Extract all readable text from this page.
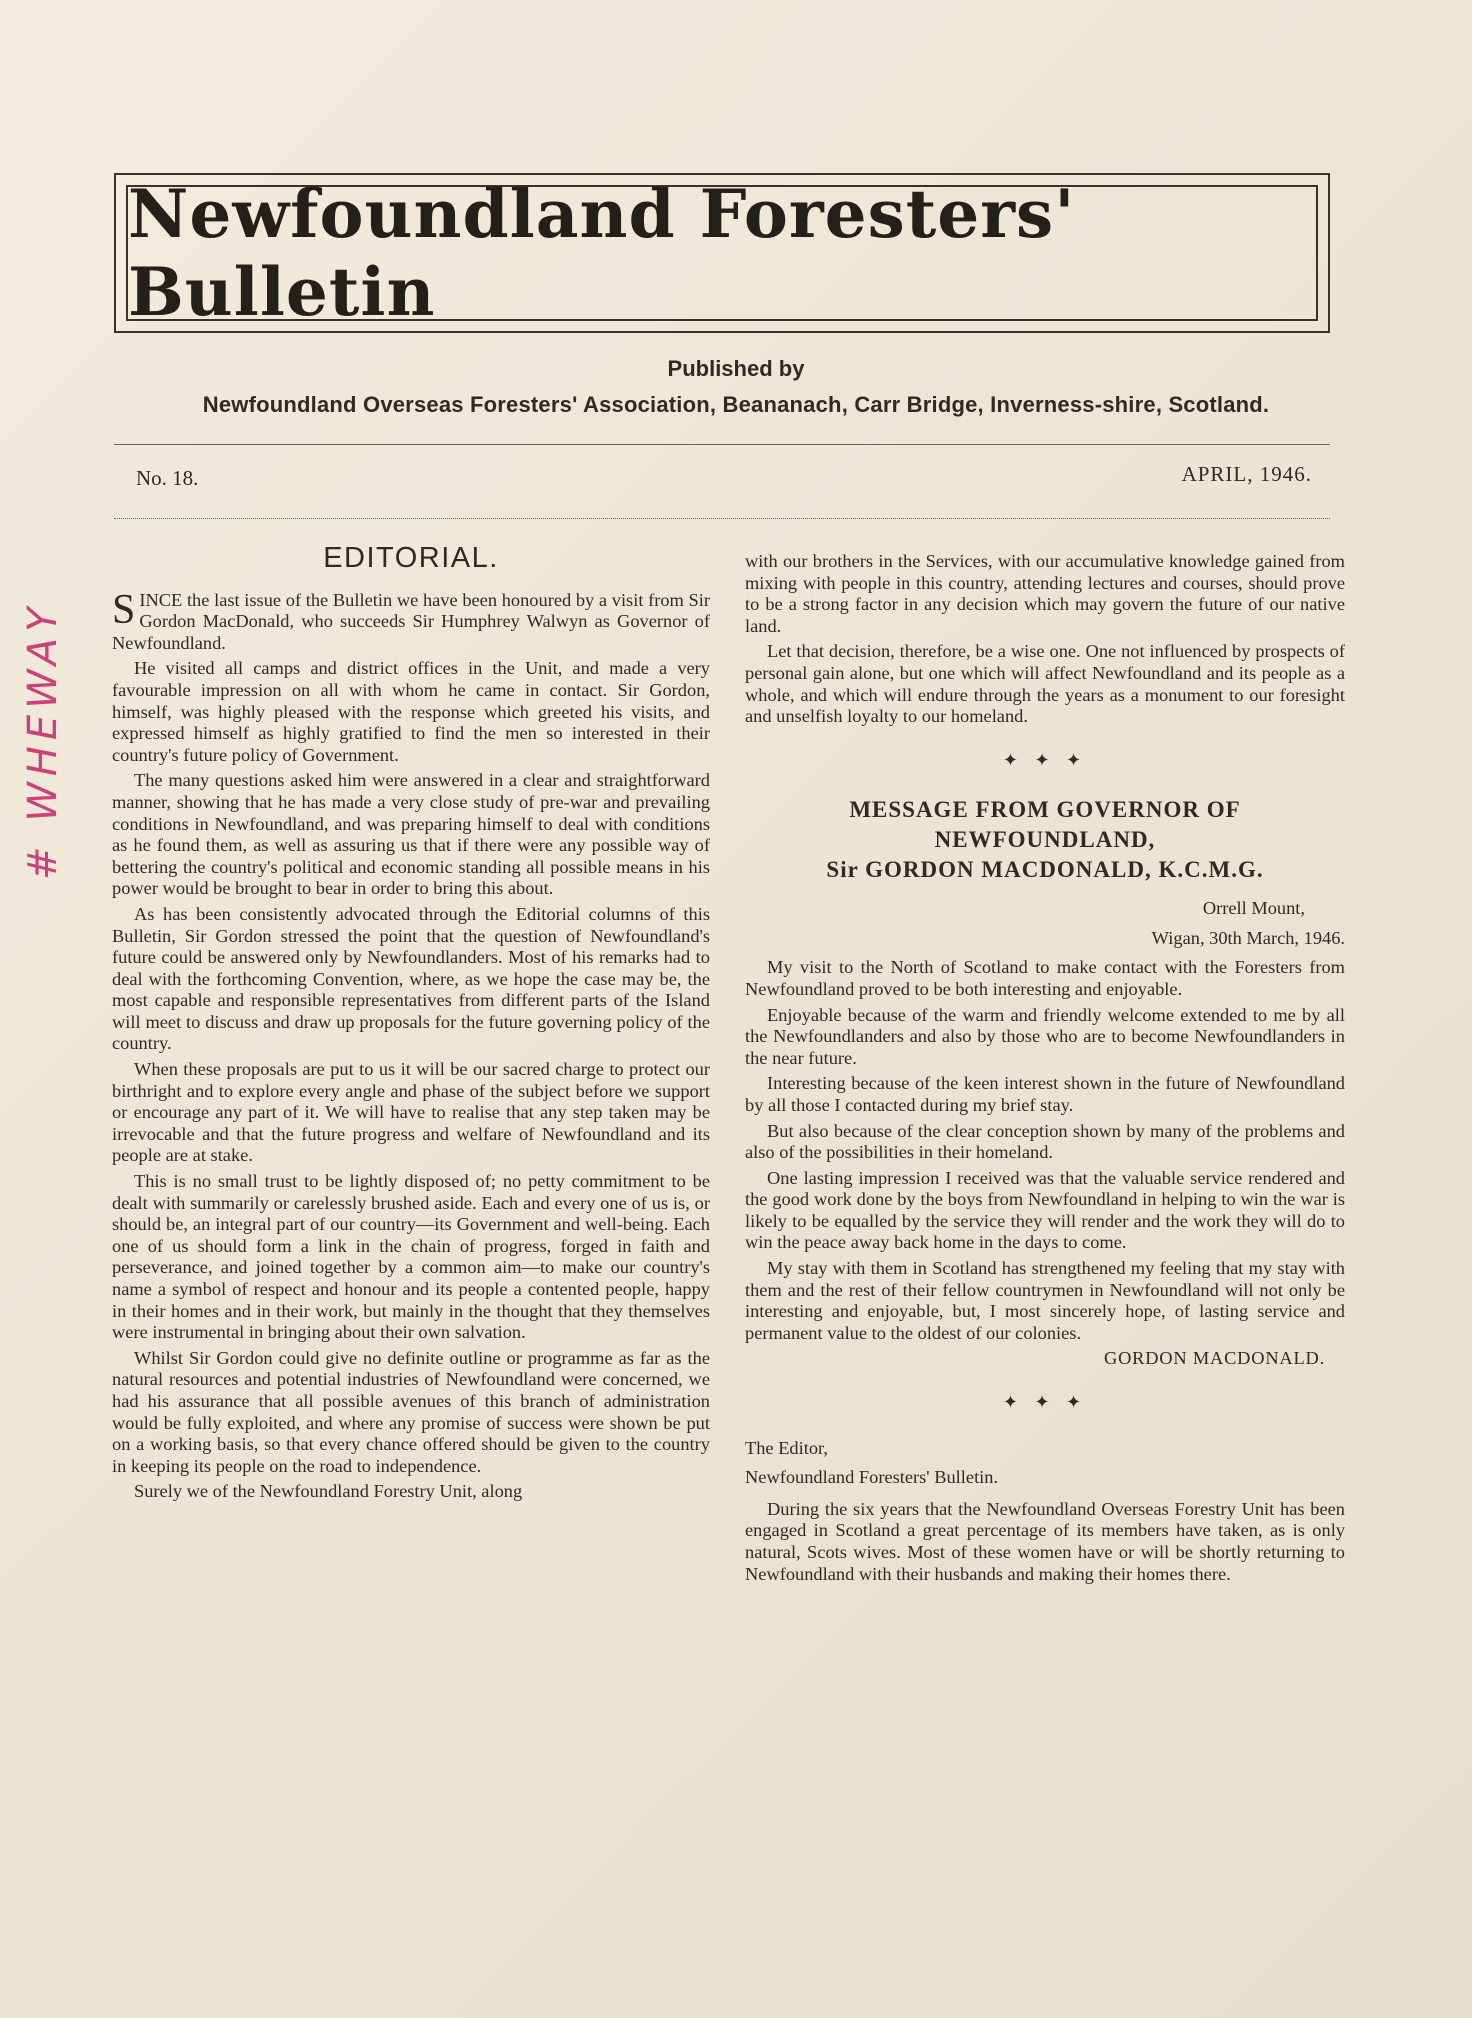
Newfoundland Foresters' Bulletin
Published by
Newfoundland Overseas Foresters' Association, Beananach, Carr Bridge, Inverness-shire, Scotland.
No. 18.	APRIL, 1946.
# WHEWAY
EDITORIAL.

SINCE the last issue of the Bulletin we have been honoured by a visit from Sir Gordon MacDonald, who succeeds Sir Humphrey Walwyn as Governor of Newfoundland.

He visited all camps and district offices in the Unit, and made a very favourable impression on all with whom he came in contact. Sir Gordon, himself, was highly pleased with the response which greeted his visits, and expressed himself as highly gratified to find the men so interested in their country's future policy of Government.

The many questions asked him were answered in a clear and straightforward manner, showing that he has made a very close study of pre-war and prevailing conditions in Newfoundland, and was preparing himself to deal with conditions as he found them, as well as assuring us that if there were any possible way of bettering the country's political and economic standing all possible means in his power would be brought to bear in order to bring this about.

As has been consistently advocated through the Editorial columns of this Bulletin, Sir Gordon stressed the point that the question of Newfoundland's future could be answered only by Newfoundlanders. Most of his remarks had to deal with the forthcoming Convention, where, as we hope the case may be, the most capable and responsible representatives from different parts of the Island will meet to discuss and draw up proposals for the future governing policy of the country.

When these proposals are put to us it will be our sacred charge to protect our birthright and to explore every angle and phase of the subject before we support or encourage any part of it. We will have to realise that any step taken may be irrevocable and that the future progress and welfare of Newfoundland and its people are at stake.

This is no small trust to be lightly disposed of; no petty commitment to be dealt with summarily or carelessly brushed aside. Each and every one of us is, or should be, an integral part of our country—its Government and well-being. Each one of us should form a link in the chain of progress, forged in faith and perseverance, and joined together by a common aim—to make our country's name a symbol of respect and honour and its people a contented people, happy in their homes and in their work, but mainly in the thought that they themselves were instrumental in bringing about their own salvation.

Whilst Sir Gordon could give no definite outline or programme as far as the natural resources and potential industries of Newfoundland were concerned, we had his assurance that all possible avenues of this branch of administration would be fully exploited, and where any promise of success were shown be put on a working basis, so that every chance offered should be given to the country in keeping its people on the road to independence.

Surely we of the Newfoundland Forestry Unit, along

with our brothers in the Services, with our accumulative knowledge gained from mixing with people in this country, attending lectures and courses, should prove to be a strong factor in any decision which may govern the future of our native land.

Let that decision, therefore, be a wise one. One not influenced by prospects of personal gain alone, but one which will affect Newfoundland and its people as a whole, and which will endure through the years as a monument to our foresight and unselfish loyalty to our homeland.

✦ ✦ ✦
MESSAGE FROM GOVERNOR OF
NEWFOUNDLAND,
Sir GORDON MACDONALD, K.C.M.G.

Orrell Mount,

Wigan, 30th March, 1946.

My visit to the North of Scotland to make contact with the Foresters from Newfoundland proved to be both interesting and enjoyable.

Enjoyable because of the warm and friendly welcome extended to me by all the Newfoundlanders and also by those who are to become Newfoundlanders in the near future.

Interesting because of the keen interest shown in the future of Newfoundland by all those I contacted during my brief stay.

But also because of the clear conception shown by many of the problems and also of the possibilities in their homeland.

One lasting impression I received was that the valuable service rendered and the good work done by the boys from Newfoundland in helping to win the war is likely to be equalled by the service they will render and the work they will do to win the peace away back home in the days to come.

My stay with them in Scotland has strengthened my feeling that my stay with them and the rest of their fellow countrymen in Newfoundland will not only be interesting and enjoyable, but, I most sincerely hope, of lasting service and permanent value to the oldest of our colonies.

GORDON MACDONALD.

✦ ✦ ✦

The Editor,

Newfoundland Foresters' Bulletin.

During the six years that the Newfoundland Overseas Forestry Unit has been engaged in Scotland a great percentage of its members have taken, as is only natural, Scots wives. Most of these women have or will be shortly returning to Newfoundland with their husbands and making their homes there.
